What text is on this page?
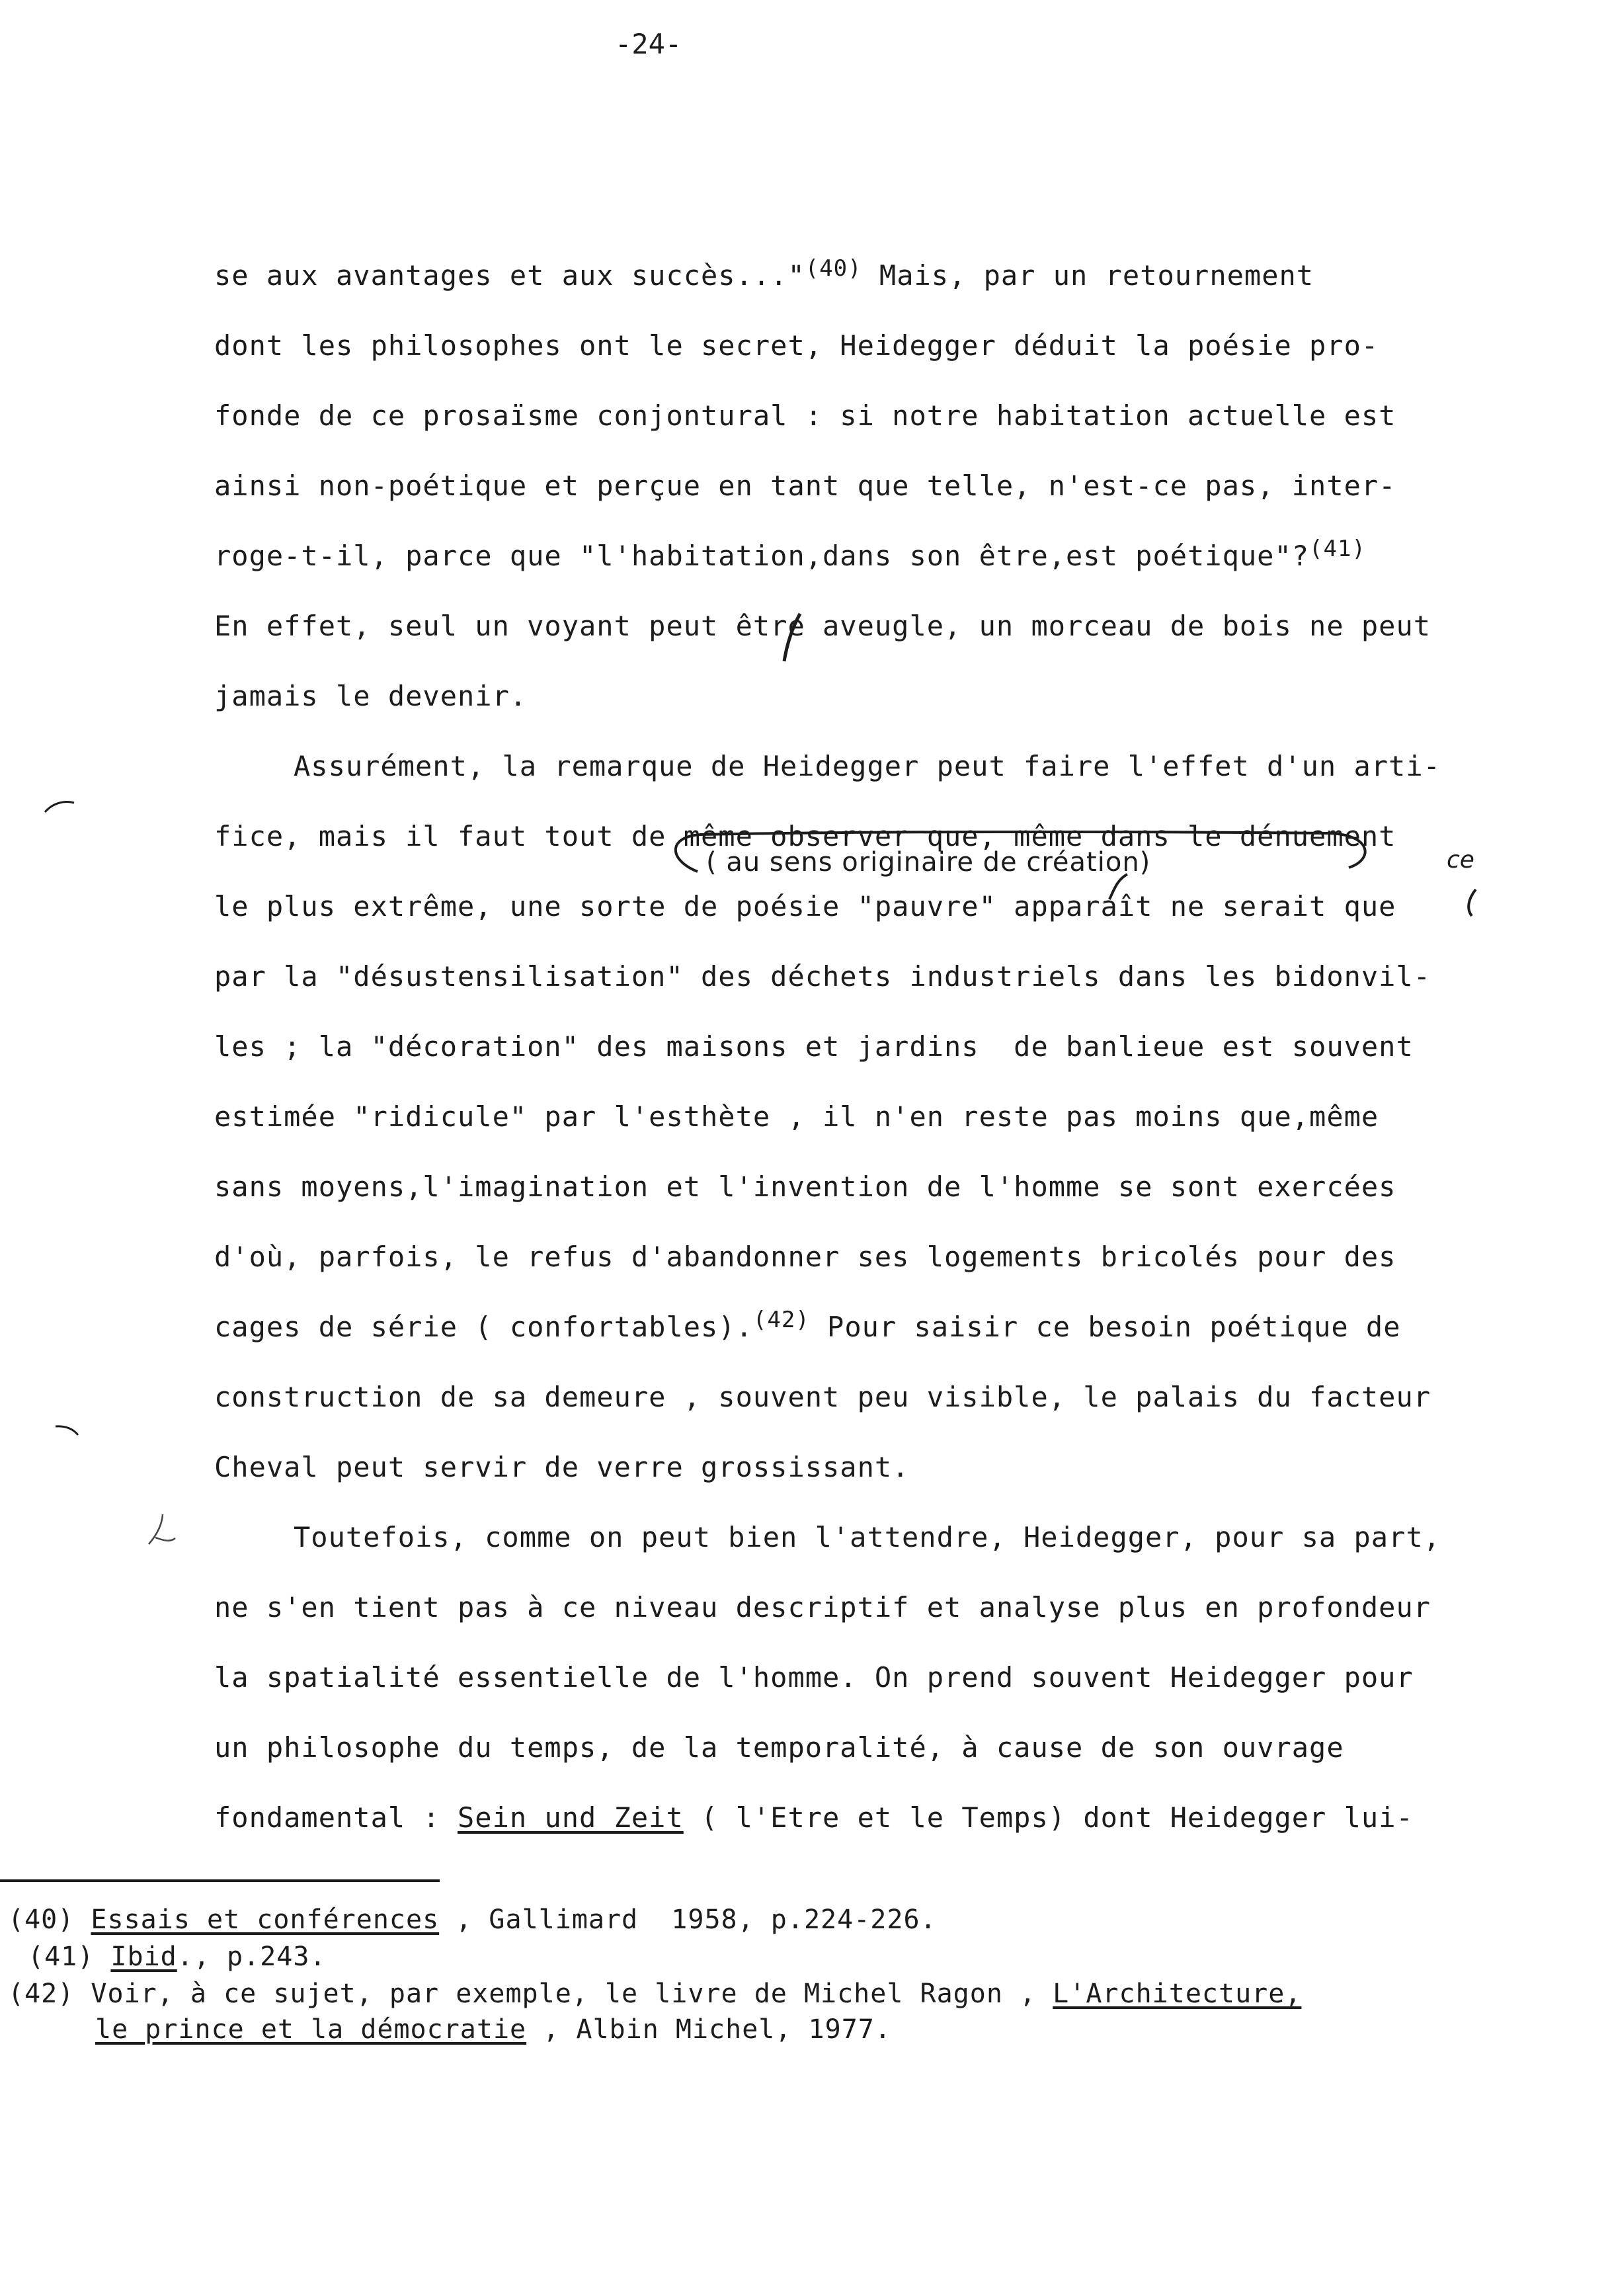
-24-
se aux avantages et aux succès..."$^{(40)}$ Mais, par un retournement
dont les philosophes ont le secret, Heidegger déduit la poésie pro-
fonde de ce prosaïsme conjontural : si notre habitation actuelle est
ainsi non-poétique et perçue en tant que telle, n'est-ce pas, inter-
roge-t-il, parce que "l'habitation,dans son être,est poétique"?$^{(41)}$
En effet, seul un voyant peut être aveugle, un morceau de bois ne peut
jamais le devenir.
Assurément, la remarque de Heidegger peut faire l'effet d'un arti-
fice, mais il faut tout de même observer que, même dans le dénuement
le plus extrême, une sorte de poésie "pauvre" apparaît ne serait que
par la "désustensilisation" des déchets industriels dans les bidonvil-
les ; la "décoration" des maisons et jardins  de banlieue est souvent
estimée "ridicule" par l'esthète , il n'en reste pas moins que,même
sans moyens,l'imagination et l'invention de l'homme se sont exercées
d'où, parfois, le refus d'abandonner ses logements bricolés pour des
cages de série ( confortables).$^{(42)}$ Pour saisir ce besoin poétique de
construction de sa demeure , souvent peu visible, le palais du facteur
Cheval peut servir de verre grossissant.
Toutefois, comme on peut bien l'attendre, Heidegger, pour sa part,
ne s'en tient pas à ce niveau descriptif et analyse plus en profondeur
la spatialité essentielle de l'homme. On prend souvent Heidegger pour
un philosophe du temps, de la temporalité, à cause de son ouvrage
fondamental : Sein und Zeit ( l'Etre et le Temps) dont Heidegger lui-
( au sens originaire de création)	ce
(40) Essais et conférences , Gallimard  1958, p.224-226.
(41) Ibid., p.243.
(42) Voir, à ce sujet, par exemple, le livre de Michel Ragon , L'Architecture,
le prince et la démocratie , Albin Michel, 1977.
